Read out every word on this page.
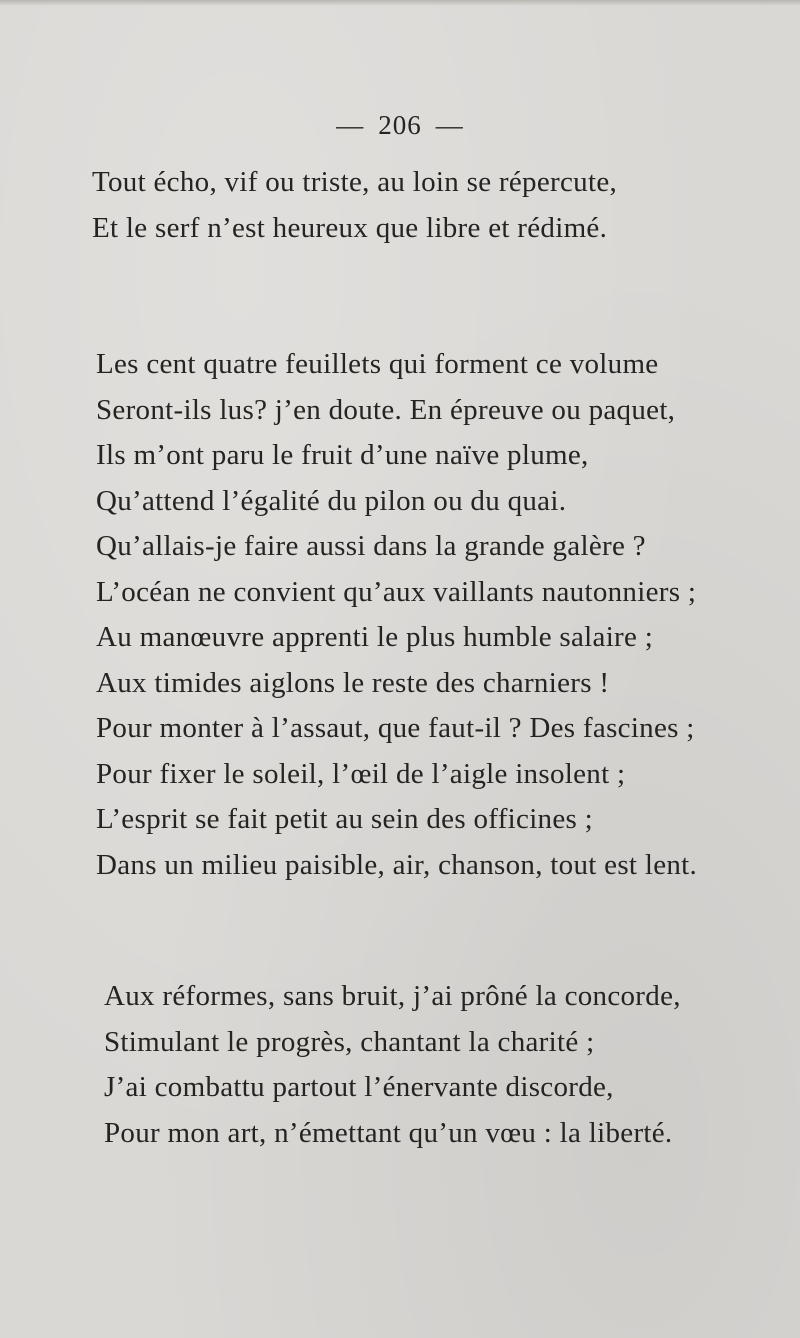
— 206 —
Tout écho, vif ou triste, au loin se répercute,
Et le serf n’est heureux que libre et rédimé.
Les cent quatre feuillets qui forment ce volume
Seront-ils lus? j’en doute. En épreuve ou paquet,
Ils m’ont paru le fruit d’une naïve plume,
Qu’attend l’égalité du pilon ou du quai.
Qu’allais-je faire aussi dans la grande galère ?
L’océan ne convient qu’aux vaillants nautonniers ;
Au manœuvre apprenti le plus humble salaire ;
Aux timides aiglons le reste des charniers !
Pour monter à l’assaut, que faut-il ? Des fascines ;
Pour fixer le soleil, l’œil de l’aigle insolent ;
L’esprit se fait petit au sein des officines ;
Dans un milieu paisible, air, chanson, tout est lent.
Aux réformes, sans bruit, j’ai prôné la concorde,
Stimulant le progrès, chantant la charité ;
J’ai combattu partout l’énervante discorde,
Pour mon art, n’émettant qu’un vœu : la liberté.
